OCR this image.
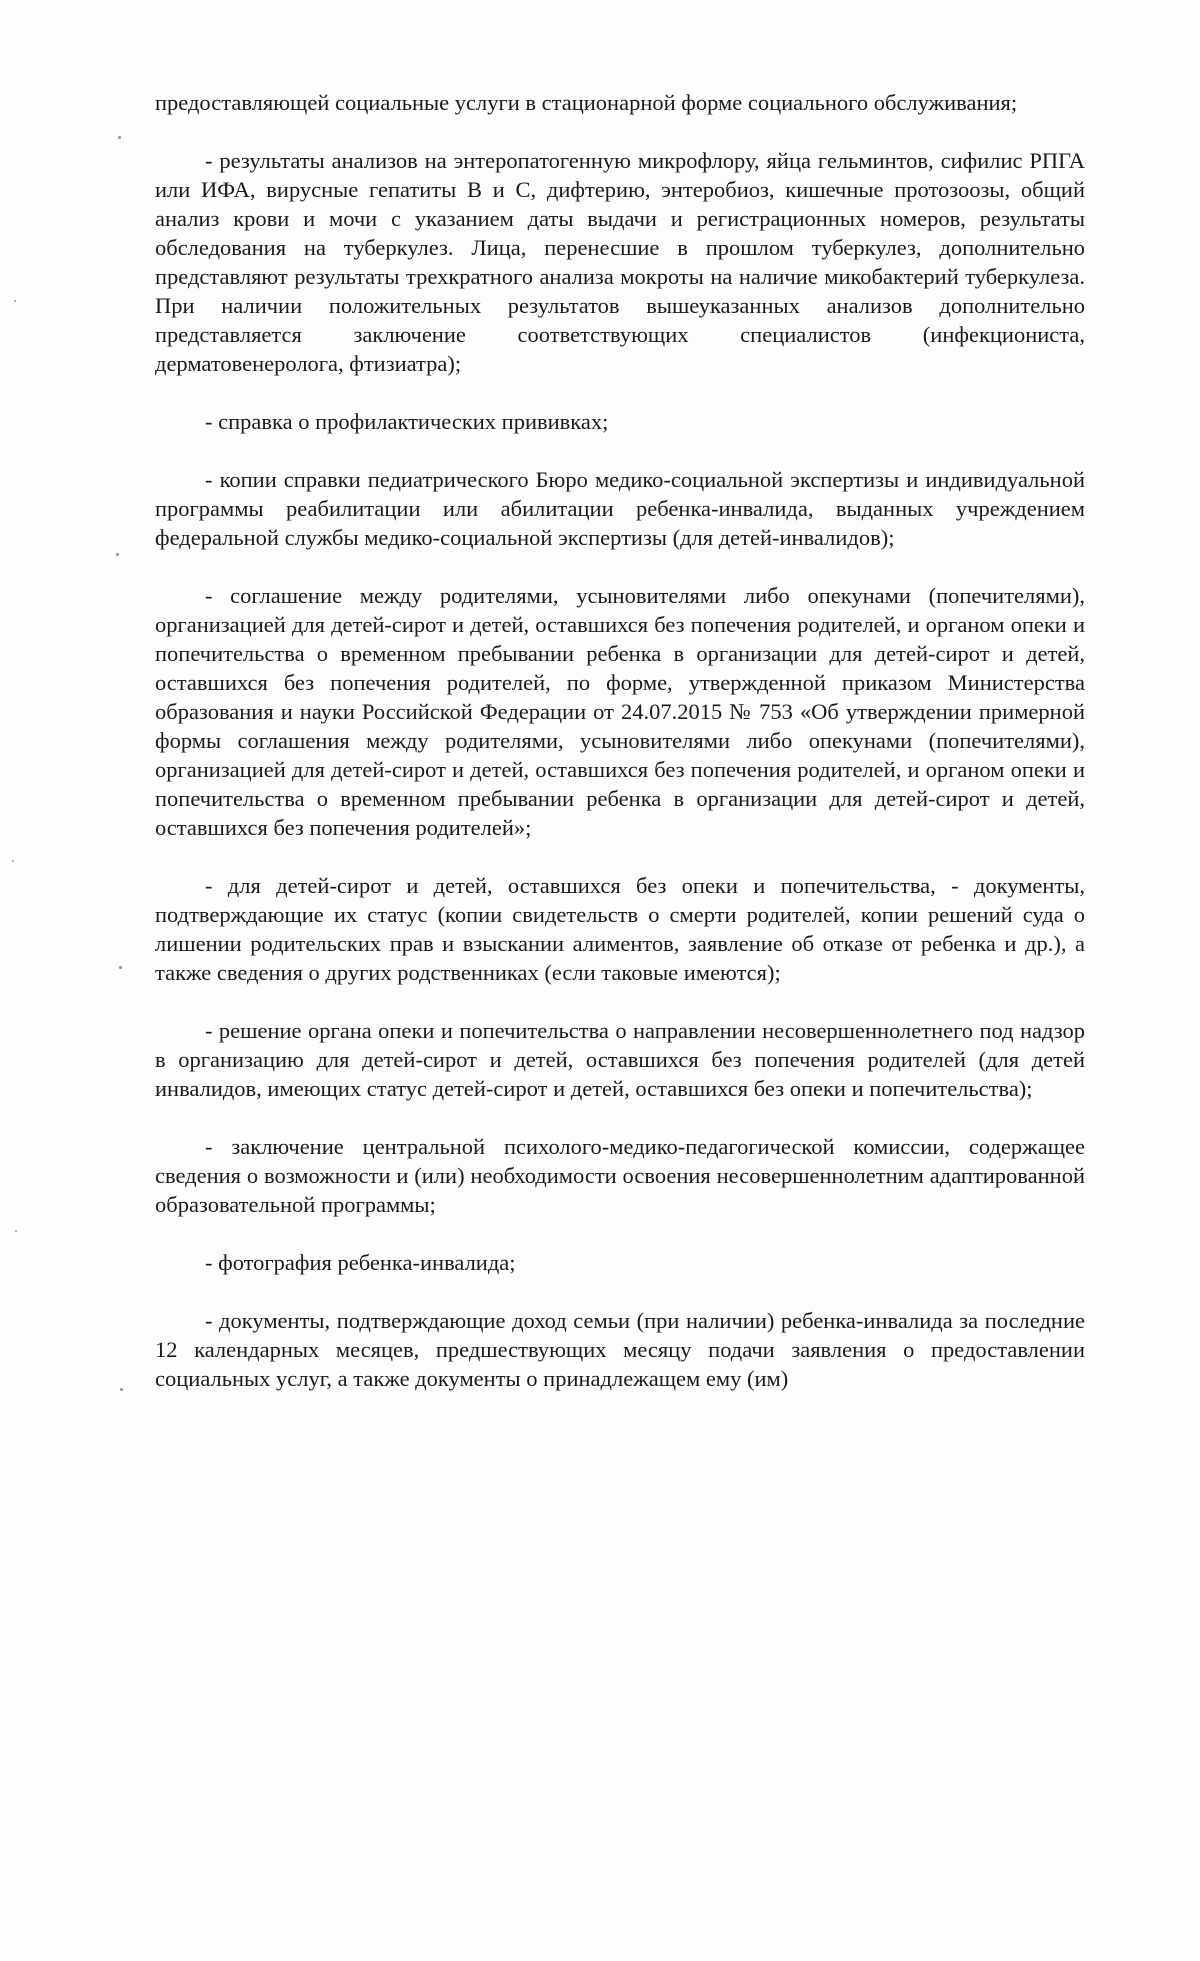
предоставляющей социальные услуги в стационарной форме социального обслуживания;

- результаты анализов на энтеропатогенную микрофлору, яйца гельминтов, сифилис РПГА или ИФА, вирусные гепатиты В и С, дифтерию, энтеробиоз, кишечные протозоозы, общий анализ крови и мочи с указанием даты выдачи и регистрационных номеров, результаты обследования на туберкулез. Лица, перенесшие в прошлом туберкулез, дополнительно представляют результаты трехкратного анализа мокроты на наличие микобактерий туберкулеза. При наличии положительных результатов вышеуказанных анализов дополнительно представляется заключение соответствующих специалистов (инфекциониста, дерматовенеролога, фтизиатра);

- справка о профилактических прививках;

- копии справки педиатрического Бюро медико-социальной экспертизы и индивидуальной программы реабилитации или абилитации ребенка-инвалида, выданных учреждением федеральной службы медико-социальной экспертизы (для детей-инвалидов);

- соглашение между родителями, усыновителями либо опекунами (попечителями), организацией для детей-сирот и детей, оставшихся без попечения родителей, и органом опеки и попечительства о временном пребывании ребенка в организации для детей-сирот и детей, оставшихся без попечения родителей, по форме, утвержденной приказом Министерства образования и науки Российской Федерации от 24.07.2015 № 753 «Об утверждении примерной формы соглашения между родителями, усыновителями либо опекунами (попечителями), организацией для детей-сирот и детей, оставшихся без попечения родителей, и органом опеки и попечительства о временном пребывании ребенка в организации для детей-сирот и детей, оставшихся без попечения родителей»;

- для детей-сирот и детей, оставшихся без опеки и попечительства, - документы, подтверждающие их статус (копии свидетельств о смерти родителей, копии решений суда о лишении родительских прав и взыскании алиментов, заявление об отказе от ребенка и др.), а также сведения о других родственниках (если таковые имеются);

- решение органа опеки и попечительства о направлении несовершеннолетнего под надзор в организацию для детей-сирот и детей, оставшихся без попечения родителей (для детей инвалидов, имеющих статус детей-сирот и детей, оставшихся без опеки и попечительства);

- заключение центральной психолого-медико-педагогической комиссии, содержащее сведения о возможности и (или) необходимости освоения несовершеннолетним адаптированной образовательной программы;

- фотография ребенка-инвалида;

- документы, подтверждающие доход семьи (при наличии) ребенка-инвалида за последние 12 календарных месяцев, предшествующих месяцу подачи заявления о предоставлении социальных услуг, а также документы о принадлежащем ему (им)
